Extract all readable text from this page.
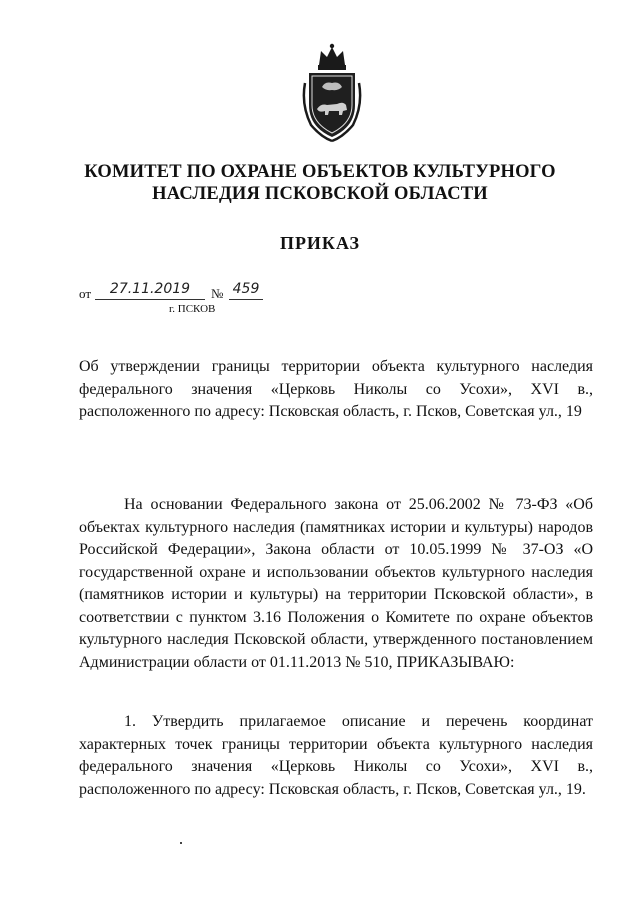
КОМИТЕТ ПО ОХРАНЕ ОБЪЕКТОВ КУЛЬТУРНОГО
НАСЛЕДИЯ ПСКОВСКОЙ ОБЛАСТИ
ПРИКАЗ
от	27.11.2019	№ 459
г. ПСКОВ
Об утверждении границы территории объекта культурного наследия федерального значения «Церковь Николы со Усохи», XVI в., расположенного по адресу: Псковская область, г. Псков, Советская ул., 19
На основании Федерального закона от 25.06.2002 № 73-ФЗ «Об объектах культурного наследия (памятниках истории и культуры) народов Российской Федерации», Закона области от 10.05.1999 № 37-ОЗ «О государственной охране и использовании объектов культурного наследия (памятников истории и культуры) на территории Псковской области», в соответствии с пунктом 3.16 Положения о Комитете по охране объектов культурного наследия Псковской области, утвержденного постановлением Администрации области от 01.11.2013 № 510, ПРИКАЗЫВАЮ:
1. Утвердить прилагаемое описание и перечень координат характерных точек границы территории объекта культурного наследия федерального значения «Церковь Николы со Усохи», XVI в., расположенного по адресу: Псковская область, г. Псков, Советская ул., 19.
